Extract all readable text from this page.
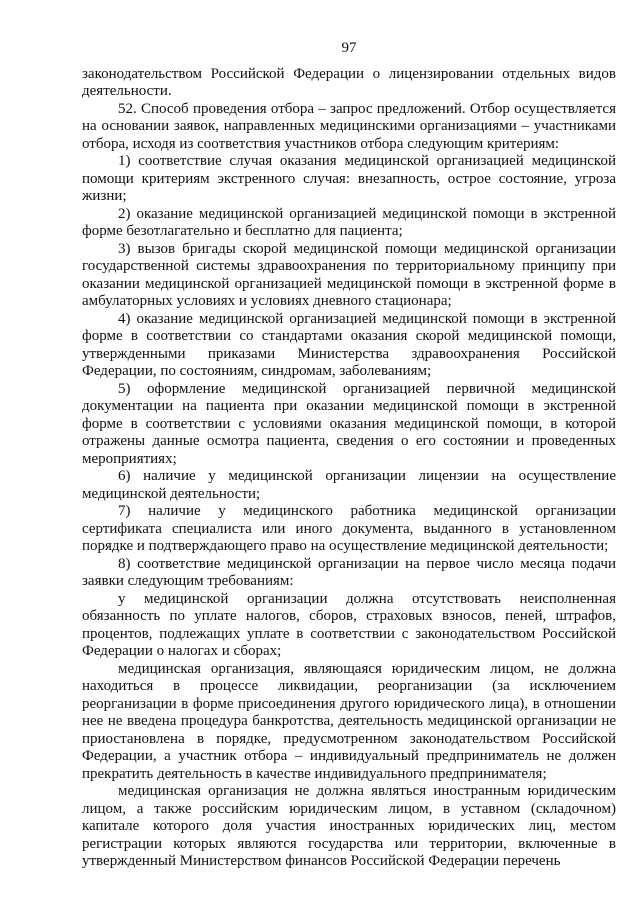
97

законодательством Российской Федерации о лицензировании отдельных видов деятельности.

52. Способ проведения отбора – запрос предложений. Отбор осуществляется на основании заявок, направленных медицинскими организациями – участниками отбора, исходя из соответствия участников отбора следующим критериям:

1) соответствие случая оказания медицинской организацией медицинской помощи критериям экстренного случая: внезапность, острое состояние, угроза жизни;

2) оказание медицинской организацией медицинской помощи в экстренной форме безотлагательно и бесплатно для пациента;

3) вызов бригады скорой медицинской помощи медицинской организации государственной системы здравоохранения по территориальному принципу при оказании медицинской организацией медицинской помощи в экстренной форме в амбулаторных условиях и условиях дневного стационара;

4) оказание медицинской организацией медицинской помощи в экстренной форме в соответствии со стандартами оказания скорой медицинской помощи, утвержденными приказами Министерства здравоохранения Российской Федерации, по состояниям, синдромам, заболеваниям;

5) оформление медицинской организацией первичной медицинской документации на пациента при оказании медицинской помощи в экстренной форме в соответствии с условиями оказания медицинской помощи, в которой отражены данные осмотра пациента, сведения о его состоянии и проведенных мероприятиях;

6) наличие у медицинской организации лицензии на осуществление медицинской деятельности;

7) наличие у медицинского работника медицинской организации сертификата специалиста или иного документа, выданного в установленном порядке и подтверждающего право на осуществление медицинской деятельности;

8) соответствие медицинской организации на первое число месяца подачи заявки следующим требованиям:

у медицинской организации должна отсутствовать неисполненная обязанность по уплате налогов, сборов, страховых взносов, пеней, штрафов, процентов, подлежащих уплате в соответствии с законодательством Российской Федерации о налогах и сборах;

медицинская организация, являющаяся юридическим лицом, не должна находиться в процессе ликвидации, реорганизации (за исключением реорганизации в форме присоединения другого юридического лица), в отношении нее не введена процедура банкротства, деятельность медицинской организации не приостановлена в порядке, предусмотренном законодательством Российской Федерации, а участник отбора – индивидуальный предприниматель не должен прекратить деятельность в качестве индивидуального предпринимателя;

медицинская организация не должна являться иностранным юридическим лицом, а также российским юридическим лицом, в уставном (складочном) капитале которого доля участия иностранных юридических лиц, местом регистрации которых являются государства или территории, включенные в утвержденный Министерством финансов Российской Федерации перечень
